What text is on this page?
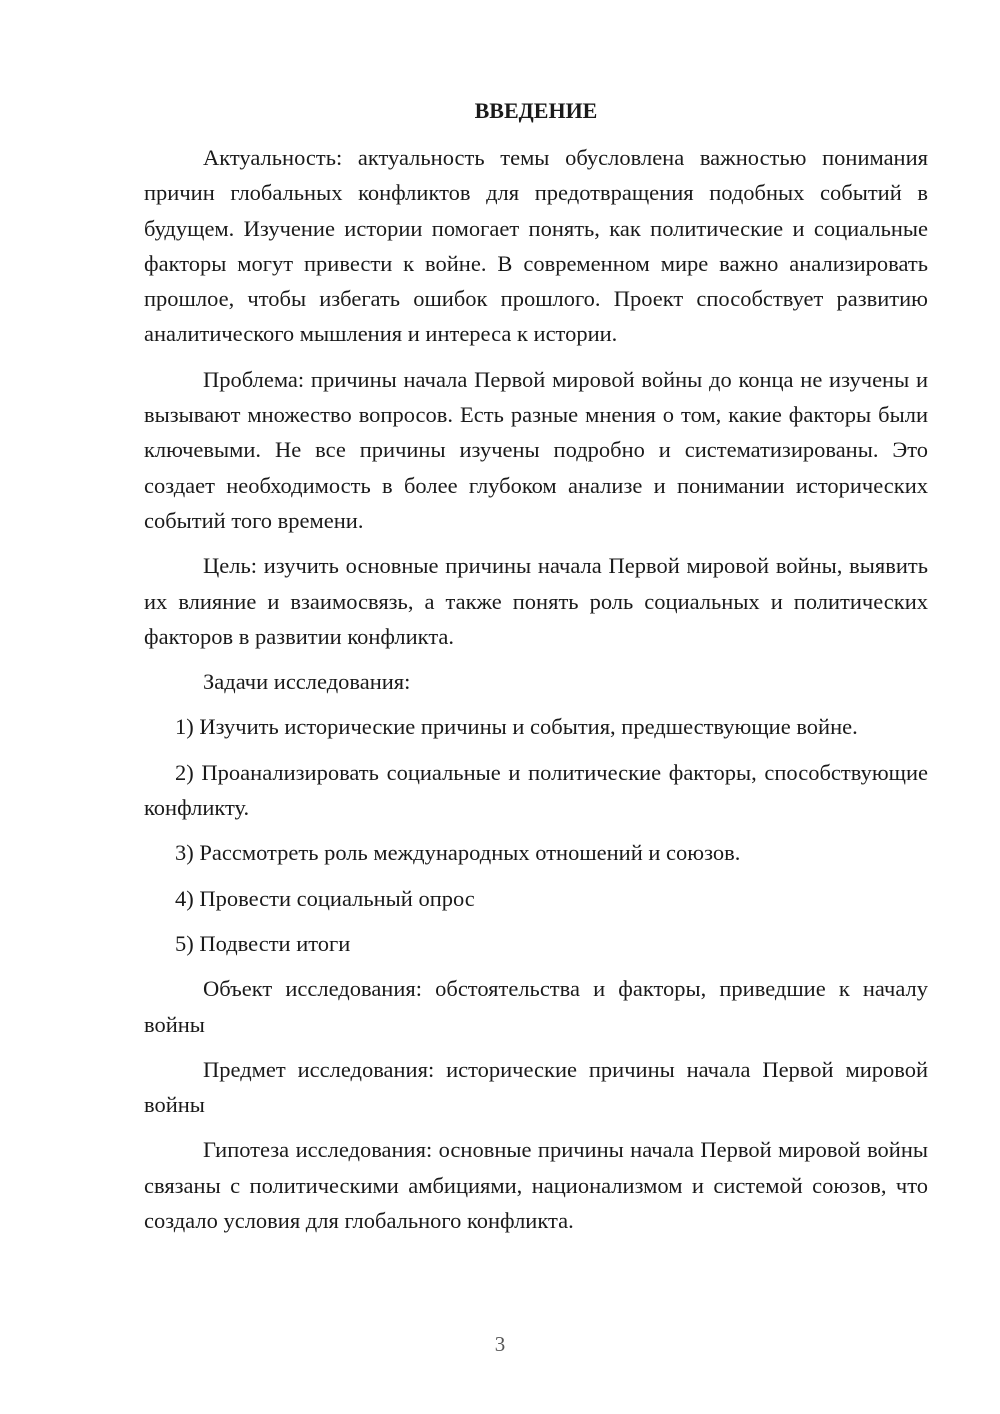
ВВЕДЕНИЕ

Актуальность: актуальность темы обусловлена важностью понимания причин глобальных конфликтов для предотвращения подобных событий в будущем. Изучение истории помогает понять, как политические и социальные факторы могут привести к войне. В современном мире важно анализировать прошлое, чтобы избегать ошибок прошлого. Проект способствует развитию аналитического мышления и интереса к истории.

Проблема: причины начала Первой мировой войны до конца не изучены и вызывают множество вопросов. Есть разные мнения о том, какие факторы были ключевыми. Не все причины изучены подробно и систематизированы. Это создает необходимость в более глубоком анализе и понимании исторических событий того времени.

Цель: изучить основные причины начала Первой мировой войны, выявить их влияние и взаимосвязь, а также понять роль социальных и политических факторов в развитии конфликта.

Задачи исследования:

1) Изучить исторические причины и события, предшествующие войне.

2) Проанализировать социальные и политические факторы, способствующие конфликту.

3) Рассмотреть роль международных отношений и союзов.

4) Провести социальный опрос

5) Подвести итоги

Объект исследования: обстоятельства и факторы, приведшие к началу войны

Предмет исследования: исторические причины начала Первой мировой войны

Гипотеза исследования: основные причины начала Первой мировой войны связаны с политическими амбициями, национализмом и системой союзов, что создало условия для глобального конфликта.

3
